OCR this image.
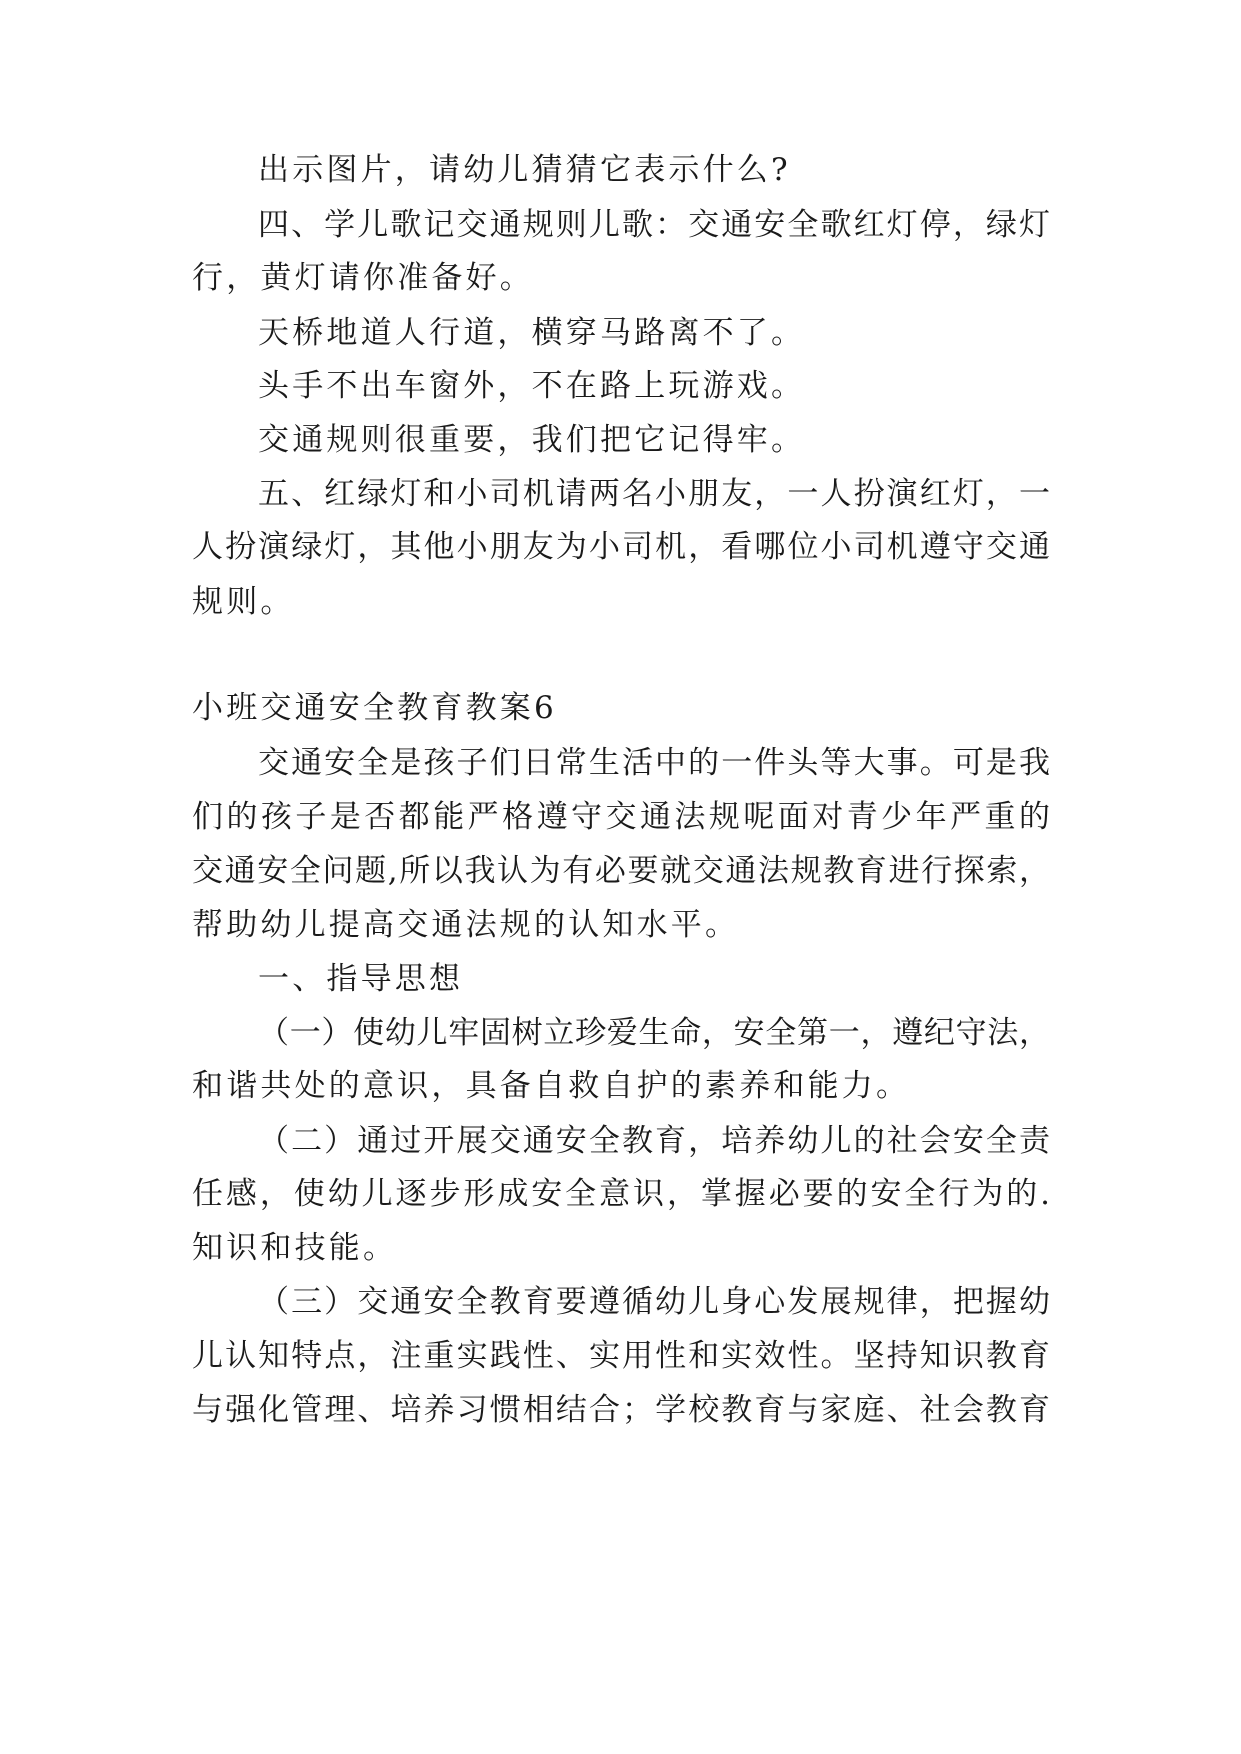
出示图片，请幼儿猜猜它表示什么?
四、学儿歌记交通规则儿歌：交通安全歌红灯停，绿灯
行，黄灯请你准备好。
天桥地道人行道，横穿马路离不了。
头手不出车窗外，不在路上玩游戏。
交通规则很重要，我们把它记得牢。
五、红绿灯和小司机请两名小朋友，一人扮演红灯，一
人扮演绿灯，其他小朋友为小司机，看哪位小司机遵守交通
规则。
小班交通安全教育教案6
交通安全是孩子们日常生活中的一件头等大事。可是我
们的孩子是否都能严格遵守交通法规呢面对青少年严重的
交通安全问题,所以我认为有必要就交通法规教育进行探索，
帮助幼儿提高交通法规的认知水平。
一、指导思想
（一）使幼儿牢固树立珍爱生命，安全第一，遵纪守法，
和谐共处的意识，具备自救自护的素养和能力。
（二）通过开展交通安全教育，培养幼儿的社会安全责
任感，使幼儿逐步形成安全意识，掌握必要的安全行为的.
知识和技能。
（三）交通安全教育要遵循幼儿身心发展规律，把握幼
儿认知特点，注重实践性、实用性和实效性。坚持知识教育
与强化管理、培养习惯相结合；学校教育与家庭、社会教育
